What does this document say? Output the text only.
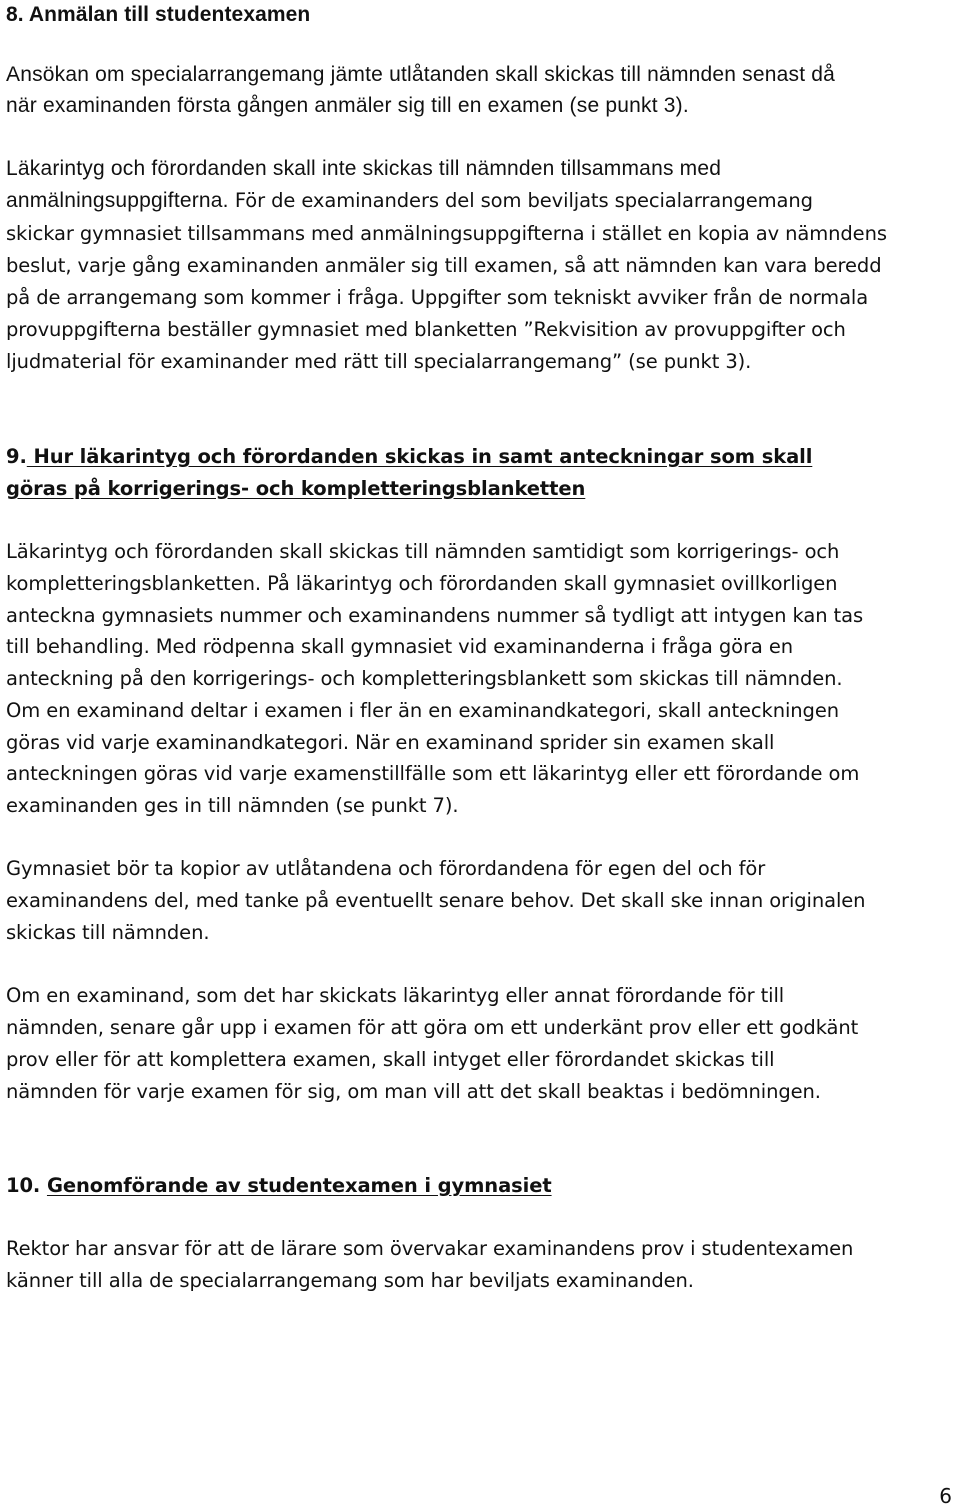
8. Anmälan till studentexamen
Ansökan om specialarrangemang jämte utlåtanden skall skickas till nämnden senast då
när examinanden första gången anmäler sig till en examen (se punkt 3).
Läkarintyg och förordanden skall inte skickas till nämnden tillsammans med
anmälningsuppgifterna. För de examinanders del som beviljats specialarrangemang
skickar gymnasiet tillsammans med anmälningsuppgifterna i stället en kopia av nämndens
beslut, varje gång examinanden anmäler sig till examen, så att nämnden kan vara beredd
på de arrangemang som kommer i fråga. Uppgifter som tekniskt avviker från de normala
provuppgifterna beställer gymnasiet med blanketten ”Rekvisition av provuppgifter och
ljudmaterial för examinander med rätt till specialarrangemang” (se punkt 3).
9. Hur läkarintyg och förordanden skickas in samt anteckningar som skall
göras på korrigerings- och kompletteringsblanketten
Läkarintyg och förordanden skall skickas till nämnden samtidigt som korrigerings- och
kompletteringsblanketten. På läkarintyg och förordanden skall gymnasiet ovillkorligen
anteckna gymnasiets nummer och examinandens nummer så tydligt att intygen kan tas
till behandling. Med rödpenna skall gymnasiet vid examinanderna i fråga göra en
anteckning på den korrigerings- och kompletteringsblankett som skickas till nämnden.
Om en examinand deltar i examen i fler än en examinandkategori, skall anteckningen
göras vid varje examinandkategori. När en examinand sprider sin examen skall
anteckningen göras vid varje examenstillfälle som ett läkarintyg eller ett förordande om
examinanden ges in till nämnden (se punkt 7).
Gymnasiet bör ta kopior av utlåtandena och förordandena för egen del och för
examinandens del, med tanke på eventuellt senare behov. Det skall ske innan originalen
skickas till nämnden.
Om en examinand, som det har skickats läkarintyg eller annat förordande för till
nämnden, senare går upp i examen för att göra om ett underkänt prov eller ett godkänt
prov eller för att komplettera examen, skall intyget eller förordandet skickas till
nämnden för varje examen för sig, om man vill att det skall beaktas i bedömningen.
10. Genomförande av studentexamen i gymnasiet
Rektor har ansvar för att de lärare som övervakar examinandens prov i studentexamen
känner till alla de specialarrangemang som har beviljats examinanden.
6
